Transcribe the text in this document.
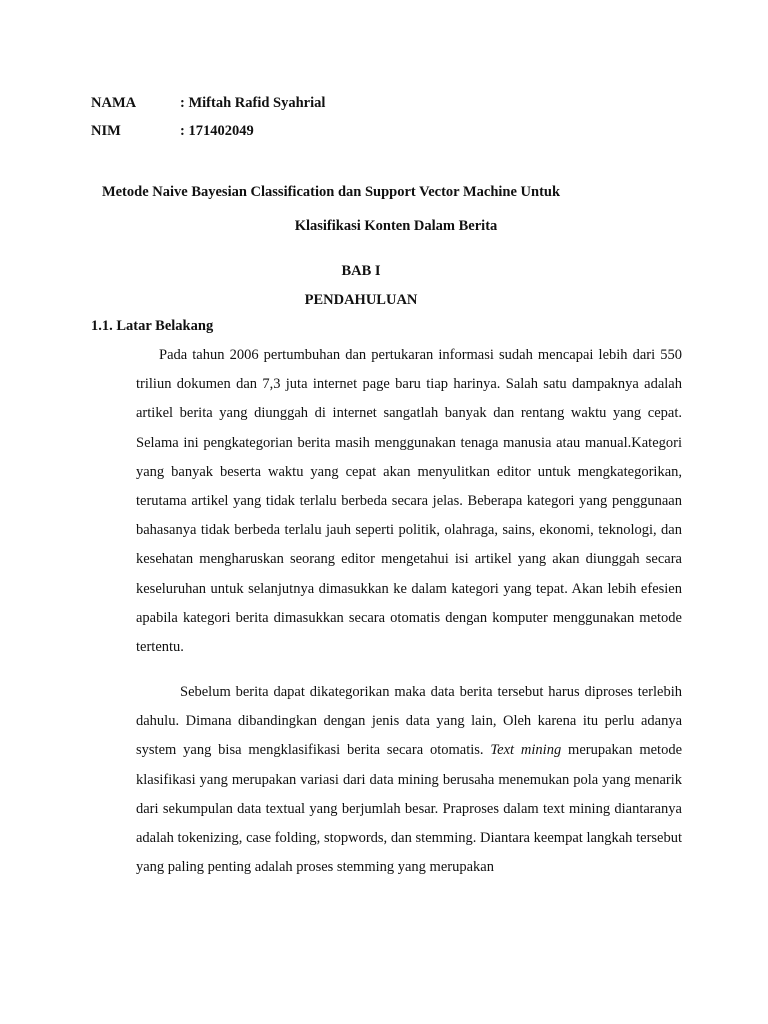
NAMA	: Miftah Rafid Syahrial
NIM	: 171402049
Metode Naive Bayesian Classification dan Support Vector Machine Untuk
Klasifikasi Konten Dalam Berita
BAB I
PENDAHULUAN
1.1. Latar Belakang

Pada tahun 2006 pertumbuhan dan pertukaran informasi sudah mencapai lebih dari 550 triliun dokumen dan 7,3 juta internet page baru tiap harinya. Salah satu dampaknya adalah artikel berita yang diunggah di internet sangatlah banyak dan rentang waktu yang cepat. Selama ini pengkategorian berita masih menggunakan tenaga manusia atau manual.Kategori yang banyak beserta waktu yang cepat akan menyulitkan editor untuk mengkategorikan, terutama artikel yang tidak terlalu berbeda secara jelas. Beberapa kategori yang penggunaan bahasanya tidak berbeda terlalu jauh seperti politik, olahraga, sains, ekonomi, teknologi, dan kesehatan mengharuskan seorang editor mengetahui isi artikel yang akan diunggah secara keseluruhan untuk selanjutnya dimasukkan ke dalam kategori yang tepat. Akan lebih efesien apabila kategori berita dimasukkan secara otomatis dengan komputer menggunakan metode tertentu.

Sebelum berita dapat dikategorikan maka data berita tersebut harus diproses terlebih dahulu. Dimana dibandingkan dengan jenis data yang lain, Oleh karena itu perlu adanya system yang bisa mengklasifikasi berita secara otomatis. Text mining merupakan metode klasifikasi yang merupakan variasi dari data mining berusaha menemukan pola yang menarik dari sekumpulan data textual yang berjumlah besar. Praproses dalam text mining diantaranya adalah tokenizing, case folding, stopwords, dan stemming. Diantara keempat langkah tersebut yang paling penting adalah proses stemming yang merupakan
